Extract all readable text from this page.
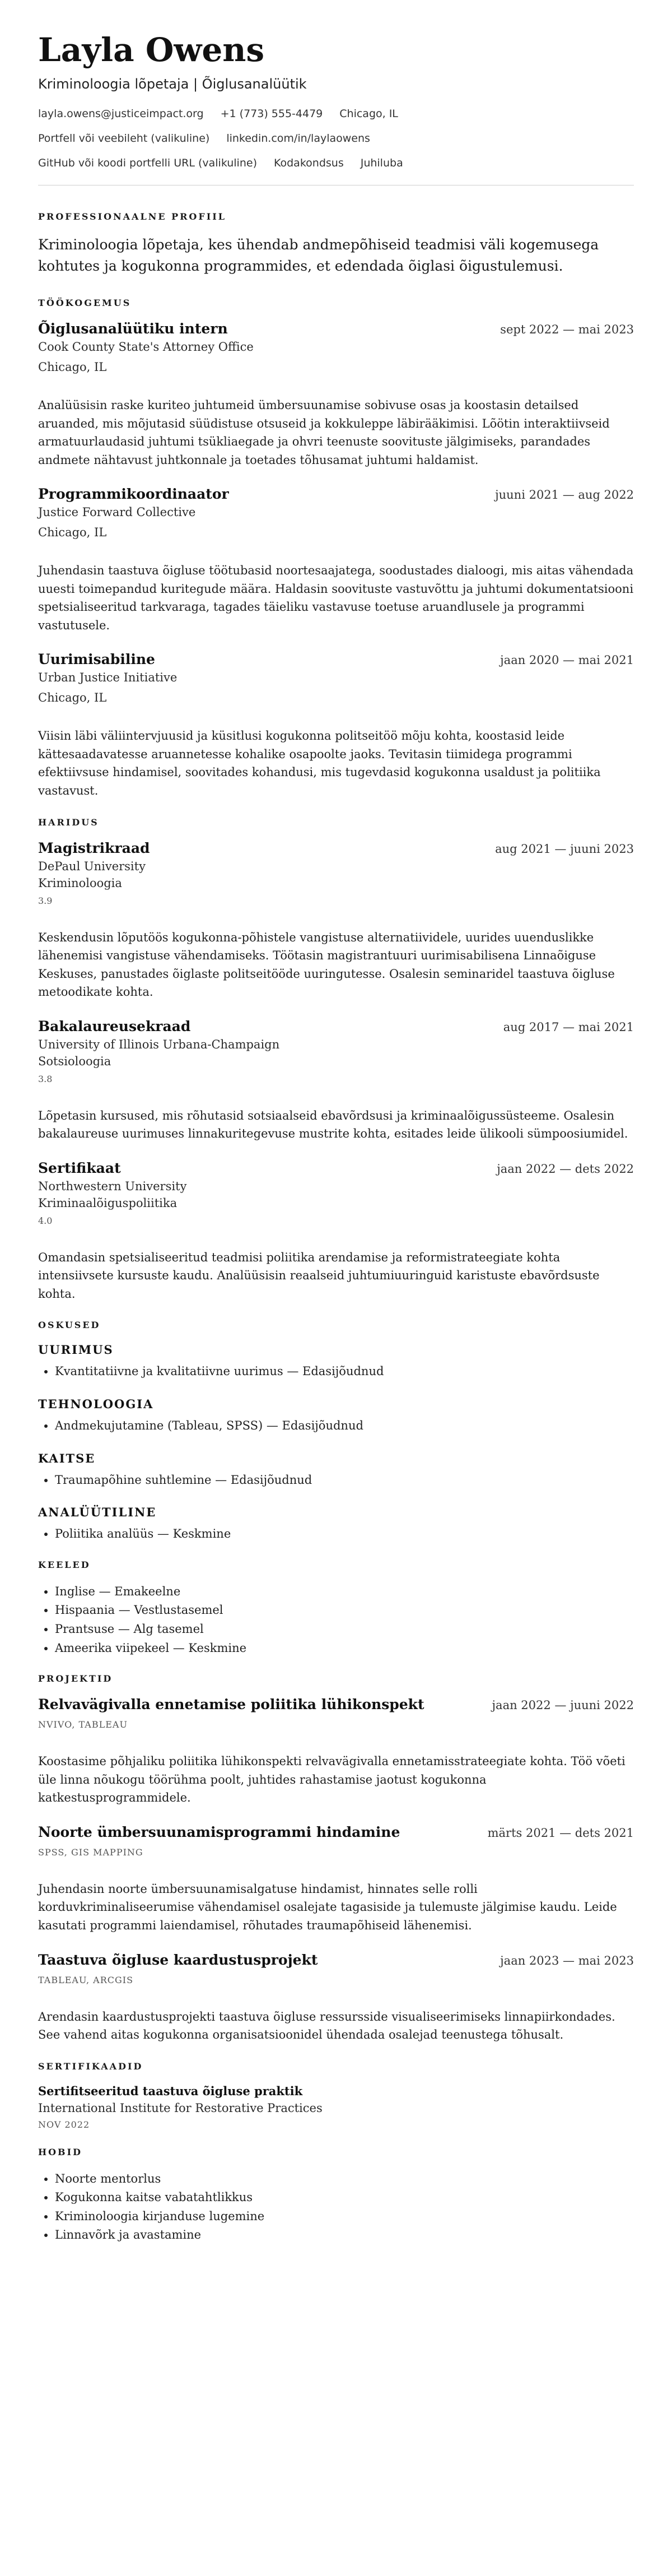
Layla Owens
Kriminoloogia lõpetaja | Õiglusanalüütik
layla.owens@justiceimpact.org +1 (773) 555-4479 Chicago, IL
Portfell või veebileht (valikuline) linkedin.com/in/laylaowens
GitHub või koodi portfelli URL (valikuline) Kodakondsus Juhiluba
PROFESSIONAALNE PROFIIL

Kriminoloogia lõpetaja, kes ühendab andmepõhiseid teadmisi väli kogemusega kohtutes ja kogukonna programmides, et edendada õiglasi õigustulemusi.

TÖÖKOGEMUS
Õiglusanalüütiku intern	sept 2022 — mai 2023
Cook County State's Attorney Office
Chicago, IL

Analüüsisin raske kuriteo juhtumeid ümbersuunamise sobivuse osas ja koostasin detailsed aruanded, mis mõjutasid süüdistuse otsuseid ja kokkuleppe läbirääkimisi. Lõötin interaktiivseid armatuurlaudasid juhtumi tsükliaegade ja ohvri teenuste soovituste jälgimiseks, parandades andmete nähtavust juhtkonnale ja toetades tõhusamat juhtumi haldamist.

Programmikoordinaator	juuni 2021 — aug 2022
Justice Forward Collective
Chicago, IL

Juhendasin taastuva õigluse töötubasid noortesaajatega, soodustades dialoogi, mis aitas vähendada uuesti toimepandud kuritegude määra. Haldasin soovituste vastuvõttu ja juhtumi dokumentatsiooni spetsialiseeritud tarkvaraga, tagades täieliku vastavuse toetuse aruandlusele ja programmi vastutusele.

Uurimisabiline	jaan 2020 — mai 2021
Urban Justice Initiative
Chicago, IL

Viisin läbi väliintervjuusid ja küsitlusi kogukonna politseitöö mõju kohta, koostasid leide kättesaadavatesse aruannetesse kohalike osapoolte jaoks. Tevitasin tiimidega programmi efektiivsuse hindamisel, soovitades kohandusi, mis tugevdasid kogukonna usaldust ja politiika vastavust.

HARIDUS
Magistrikraad	aug 2021 — juuni 2023
DePaul University
Kriminoloogia
3.9

Keskendusin lõputöös kogukonna-põhistele vangistuse alternatiividele, uurides uuenduslikke lähenemisi vangistuse vähendamiseks. Töötasin magistrantuuri uurimisabilisena Linnaõiguse Keskuses, panustades õiglaste politseitööde uuringutesse. Osalesin seminaridel taastuva õigluse metoodikate kohta.

Bakalaureusekraad	aug 2017 — mai 2021
University of Illinois Urbana-Champaign
Sotsioloogia
3.8

Lõpetasin kursused, mis rõhutasid sotsiaalseid ebavõrdsusi ja kriminaalõigussüsteeme. Osalesin bakalaureuse uurimuses linnakuritegevuse mustrite kohta, esitades leide ülikooli sümpoosiumidel.

Sertifikaat	jaan 2022 — dets 2022
Northwestern University
Kriminaalõiguspoliitika
4.0

Omandasin spetsialiseeritud teadmisi poliitika arendamise ja reformistrateegiate kohta intensiivsete kursuste kaudu. Analüüsisin reaalseid juhtumiuuringuid karistuste ebavõrdsuste kohta.

OSKUSED
UURIMUS
• Kvantitatiivne ja kvalitatiivne uurimus — Edasijõudnud
TEHNOLOOGIA
• Andmekujutamine (Tableau, SPSS) — Edasijõudnud
KAITSE
• Traumapõhine suhtlemine — Edasijõudnud
ANALÜÜTILINE
• Poliitika analüüs — Keskmine
KEELED
• Inglise — Emakeelne
• Hispaania — Vestlustasemel
• Prantsuse — Alg tasemel
• Ameerika viipekeel — Keskmine
PROJEKTID
Relvavägivalla ennetamise poliitika lühikonspekt	jaan 2022 — juuni 2022
NVIVO, TABLEAU

Koostasime põhjaliku poliitika lühikonspekti relvavägivalla ennetamisstrateegiate kohta. Töö võeti üle linna nõukogu töörühma poolt, juhtides rahastamise jaotust kogukonna katkestusprogrammidele.

Noorte ümbersuunamisprogrammi hindamine	märts 2021 — dets 2021
SPSS, GIS MAPPING

Juhendasin noorte ümbersuunamisalgatuse hindamist, hinnates selle rolli korduvkriminaliseerumise vähendamisel osalejate tagasiside ja tulemuste jälgimise kaudu. Leide kasutati programmi laiendamisel, rõhutades traumapõhiseid lähenemisi.

Taastuva õigluse kaardustusprojekt	jaan 2023 — mai 2023
TABLEAU, ARCGIS

Arendasin kaardustusprojekti taastuva õigluse ressursside visualiseerimiseks linnapiirkondades. See vahend aitas kogukonna organisatsioonidel ühendada osalejad teenustega tõhusalt.

SERTIFIKAADID
Sertifitseeritud taastuva õigluse praktik
International Institute for Restorative Practices
NOV 2022
HOBID
• Noorte mentorlus
• Kogukonna kaitse vabatahtlikkus
• Kriminoloogia kirjanduse lugemine
• Linnavõrk ja avastamine
